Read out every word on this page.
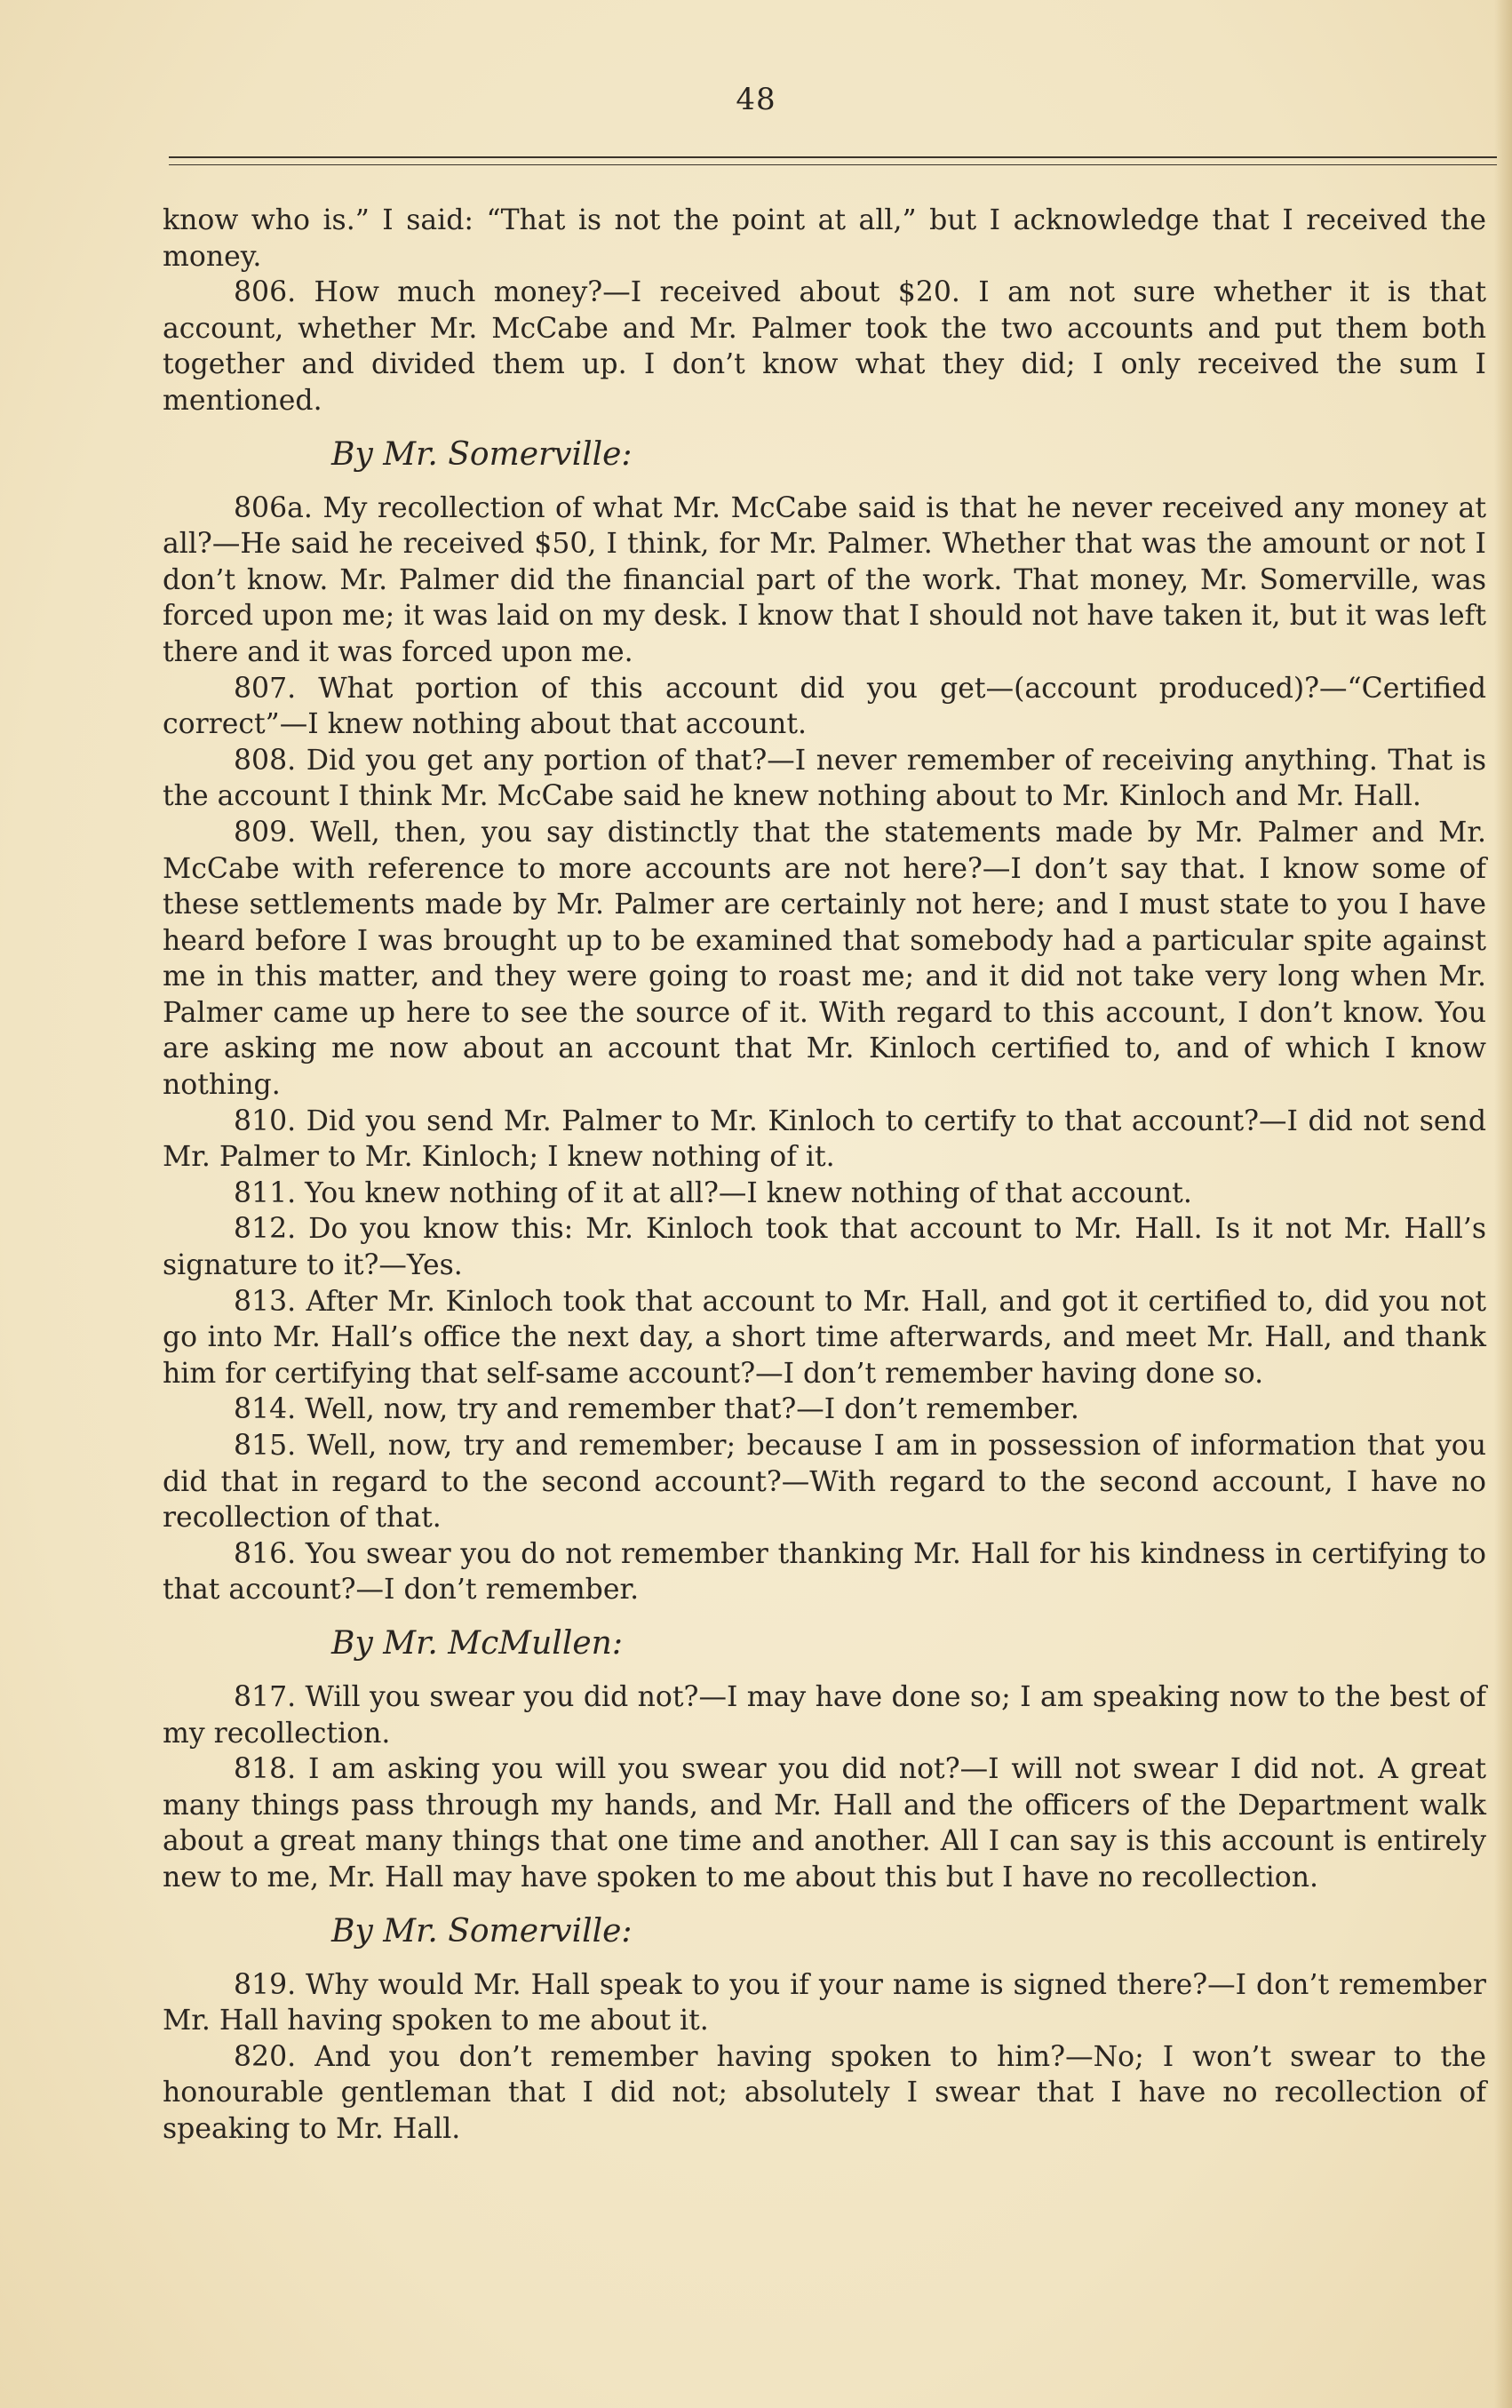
48

know who is.” I said: “That is not the point at all,” but I acknowledge that I received the money.

806. How much money?—I received about $20. I am not sure whether it is that account, whether Mr. McCabe and Mr. Palmer took the two accounts and put them both together and divided them up. I don’t know what they did; I only received the sum I mentioned.

By Mr. Somerville:

806a. My recollection of what Mr. McCabe said is that he never received any money at all?—He said he received $50, I think, for Mr. Palmer. Whether that was the amount or not I don’t know. Mr. Palmer did the financial part of the work. That money, Mr. Somerville, was forced upon me; it was laid on my desk. I know that I should not have taken it, but it was left there and it was forced upon me.

807. What portion of this account did you get—(account produced)?—“Certified correct”—I knew nothing about that account.

808. Did you get any portion of that?—I never remember of receiving anything. That is the account I think Mr. McCabe said he knew nothing about to Mr. Kinloch and Mr. Hall.

809. Well, then, you say distinctly that the statements made by Mr. Palmer and Mr. McCabe with reference to more accounts are not here?—I don’t say that. I know some of these settlements made by Mr. Palmer are certainly not here; and I must state to you I have heard before I was brought up to be examined that somebody had a particular spite against me in this matter, and they were going to roast me; and it did not take very long when Mr. Palmer came up here to see the source of it. With regard to this account, I don’t know. You are asking me now about an account that Mr. Kinloch certified to, and of which I know nothing.

810. Did you send Mr. Palmer to Mr. Kinloch to certify to that account?—I did not send Mr. Palmer to Mr. Kinloch; I knew nothing of it.

811. You knew nothing of it at all?—I knew nothing of that account.

812. Do you know this: Mr. Kinloch took that account to Mr. Hall. Is it not Mr. Hall’s signature to it?—Yes.

813. After Mr. Kinloch took that account to Mr. Hall, and got it certified to, did you not go into Mr. Hall’s office the next day, a short time afterwards, and meet Mr. Hall, and thank him for certifying that self-same account?—I don’t remember having done so.

814. Well, now, try and remember that?—I don’t remember.

815. Well, now, try and remember; because I am in possession of information that you did that in regard to the second account?—With regard to the second account, I have no recollection of that.

816. You swear you do not remember thanking Mr. Hall for his kindness in certifying to that account?—I don’t remember.

By Mr. McMullen:

817. Will you swear you did not?—I may have done so; I am speaking now to the best of my recollection.

818. I am asking you will you swear you did not?—I will not swear I did not. A great many things pass through my hands, and Mr. Hall and the officers of the Department walk about a great many things that one time and another. All I can say is this account is entirely new to me, Mr. Hall may have spoken to me about this but I have no recollection.

By Mr. Somerville:

819. Why would Mr. Hall speak to you if your name is signed there?—I don’t remember Mr. Hall having spoken to me about it.

820. And you don’t remember having spoken to him?—No; I won’t swear to the honourable gentleman that I did not; absolutely I swear that I have no recollection of speaking to Mr. Hall.
